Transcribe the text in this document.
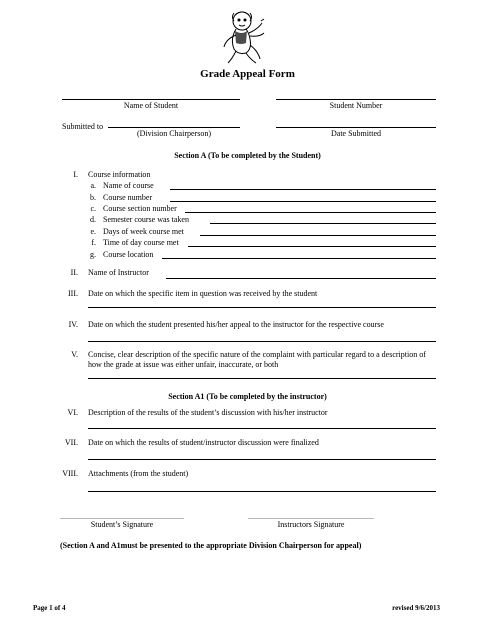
Grade Appeal Form
Name of Student	Student Number
Submitted to
(Division Chairperson)	Date Submitted
Section A (To be completed by the Student)
I. Course information
a. Name of course
b. Course number
c. Course section number
d. Semester course was taken
e. Days of week course met
f. Time of day course met
g. Course location
II. Name of Instructor
III. Date on which the specific item in question was received by the student
IV. Date on which the student presented his/her appeal to the instructor for the respective course
V. Concise, clear description of the specific nature of the complaint with particular regard to a description of
how the grade at issue was either unfair, inaccurate, or both
Section A1 (To be completed by the instructor)
VI. Description of the results of the student’s discussion with his/her instructor
VII. Date on which the results of student/instructor discussion were finalized
VIII. Attachments (from the student)
Student’s Signature	Instructors Signature
(Section A and A1must be presented to the appropriate Division Chairperson for appeal)
Page 1 of 4	revised 9/6/2013
